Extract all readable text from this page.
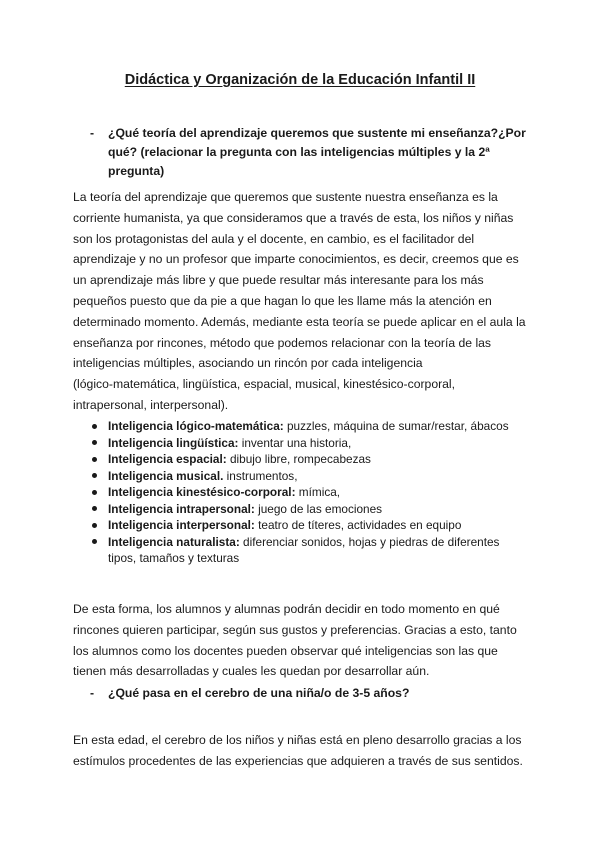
Didáctica y Organización de la Educación Infantil II
-	¿Qué teoría del aprendizaje queremos que sustente mi enseñanza?¿Por
qué? (relacionar la pregunta con las inteligencias múltiples y la 2ª
pregunta)
La teoría del aprendizaje que queremos que sustente nuestra enseñanza es la
corriente humanista, ya que consideramos que a través de esta, los niños y niñas
son los protagonistas del aula y el docente, en cambio, es el facilitador del
aprendizaje y no un profesor que imparte conocimientos, es decir, creemos que es
un aprendizaje más libre y que puede resultar más interesante para los más
pequeños puesto que da pie a que hagan lo que les llame más la atención en
determinado momento. Además, mediante esta teoría se puede aplicar en el aula la
enseñanza por rincones, método que podemos relacionar con la teoría de las
inteligencias múltiples, asociando un rincón por cada inteligencia
(lógico-matemática, lingüística, espacial, musical, kinestésico-corporal,
intrapersonal, interpersonal).
Inteligencia lógico-matemática: puzzles, máquina de sumar/restar, ábacos
Inteligencia lingüística: inventar una historia,
Inteligencia espacial: dibujo libre, rompecabezas
Inteligencia musical. instrumentos,
Inteligencia kinestésico-corporal: mímica,
Inteligencia intrapersonal: juego de las emociones
Inteligencia interpersonal: teatro de títeres, actividades en equipo
Inteligencia naturalista: diferenciar sonidos, hojas y piedras de diferentes
tipos, tamaños y texturas
De esta forma, los alumnos y alumnas podrán decidir en todo momento en qué
rincones quieren participar, según sus gustos y preferencias. Gracias a esto, tanto
los alumnos como los docentes pueden observar qué inteligencias son las que
tienen más desarrolladas y cuales les quedan por desarrollar aún.
-	¿Qué pasa en el cerebro de una niña/o de 3-5 años?
En esta edad, el cerebro de los niños y niñas está en pleno desarrollo gracias a los
estímulos procedentes de las experiencias que adquieren a través de sus sentidos.
